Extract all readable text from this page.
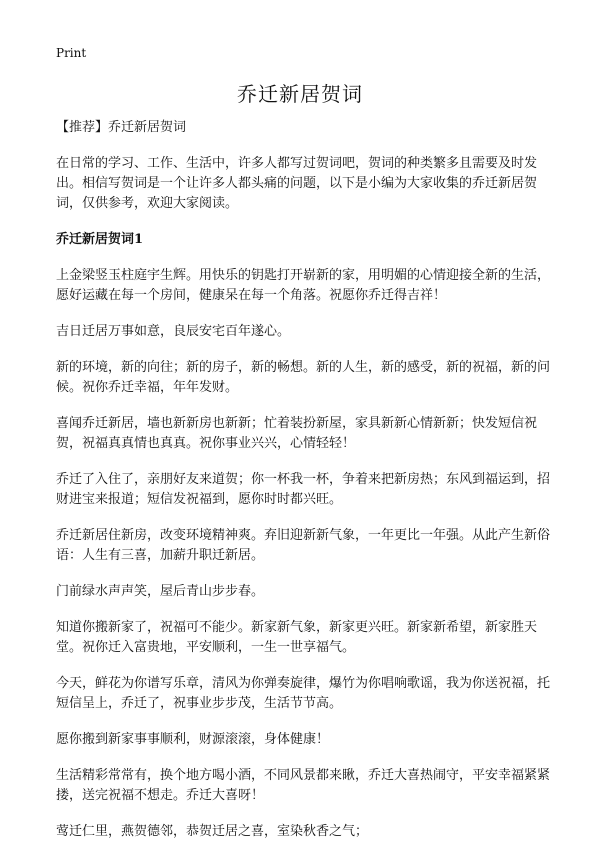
Print
乔迁新居贺词

【推荐】乔迁新居贺词

在日常的学习、工作、生活中，许多人都写过贺词吧，贺词的种类繁多且需要及时发出。相信写贺词是一个让许多人都头痛的问题，以下是小编为大家收集的乔迁新居贺词，仅供参考，欢迎大家阅读。

乔迁新居贺词1

上金梁竖玉柱庭宇生辉。用快乐的钥匙打开崭新的家，用明媚的心情迎接全新的生活，愿好运藏在每一个房间，健康呆在每一个角落。祝愿你乔迁得吉祥！

吉日迁居万事如意，良辰安宅百年遂心。

新的环境，新的向往；新的房子，新的畅想。新的人生，新的感受，新的祝福，新的问候。祝你乔迁幸福，年年发财。

喜闻乔迁新居，墙也新新房也新新；忙着装扮新屋，家具新新心情新新；快发短信祝贺，祝福真真情也真真。祝你事业兴兴，心情轻轻！

乔迁了入住了，亲朋好友来道贺；你一杯我一杯，争着来把新房热；东风到福运到，招财进宝来报道；短信发祝福到，愿你时时都兴旺。

乔迁新居住新房，改变环境精神爽。弃旧迎新新气象，一年更比一年强。从此产生新俗语：人生有三喜，加薪升职迁新居。

门前绿水声声笑，屋后青山步步春。

知道你搬新家了，祝福可不能少。新家新气象，新家更兴旺。新家新希望，新家胜天堂。祝你迁入富贵地，平安顺利，一生一世享福气。

今天，鲜花为你谱写乐章，清风为你弹奏旋律，爆竹为你唱响歌谣，我为你送祝福，托短信呈上，乔迁了，祝事业步步茂，生活节节高。

愿你搬到新家事事顺利，财源滚滚，身体健康！

生活精彩常常有，换个地方喝小酒，不同风景都来瞅，乔迁大喜热闹守，平安幸福紧紧搂，送完祝福不想走。乔迁大喜呀！

莺迁仁里，燕贺德邻，恭贺迁居之喜，室染秋香之气；
